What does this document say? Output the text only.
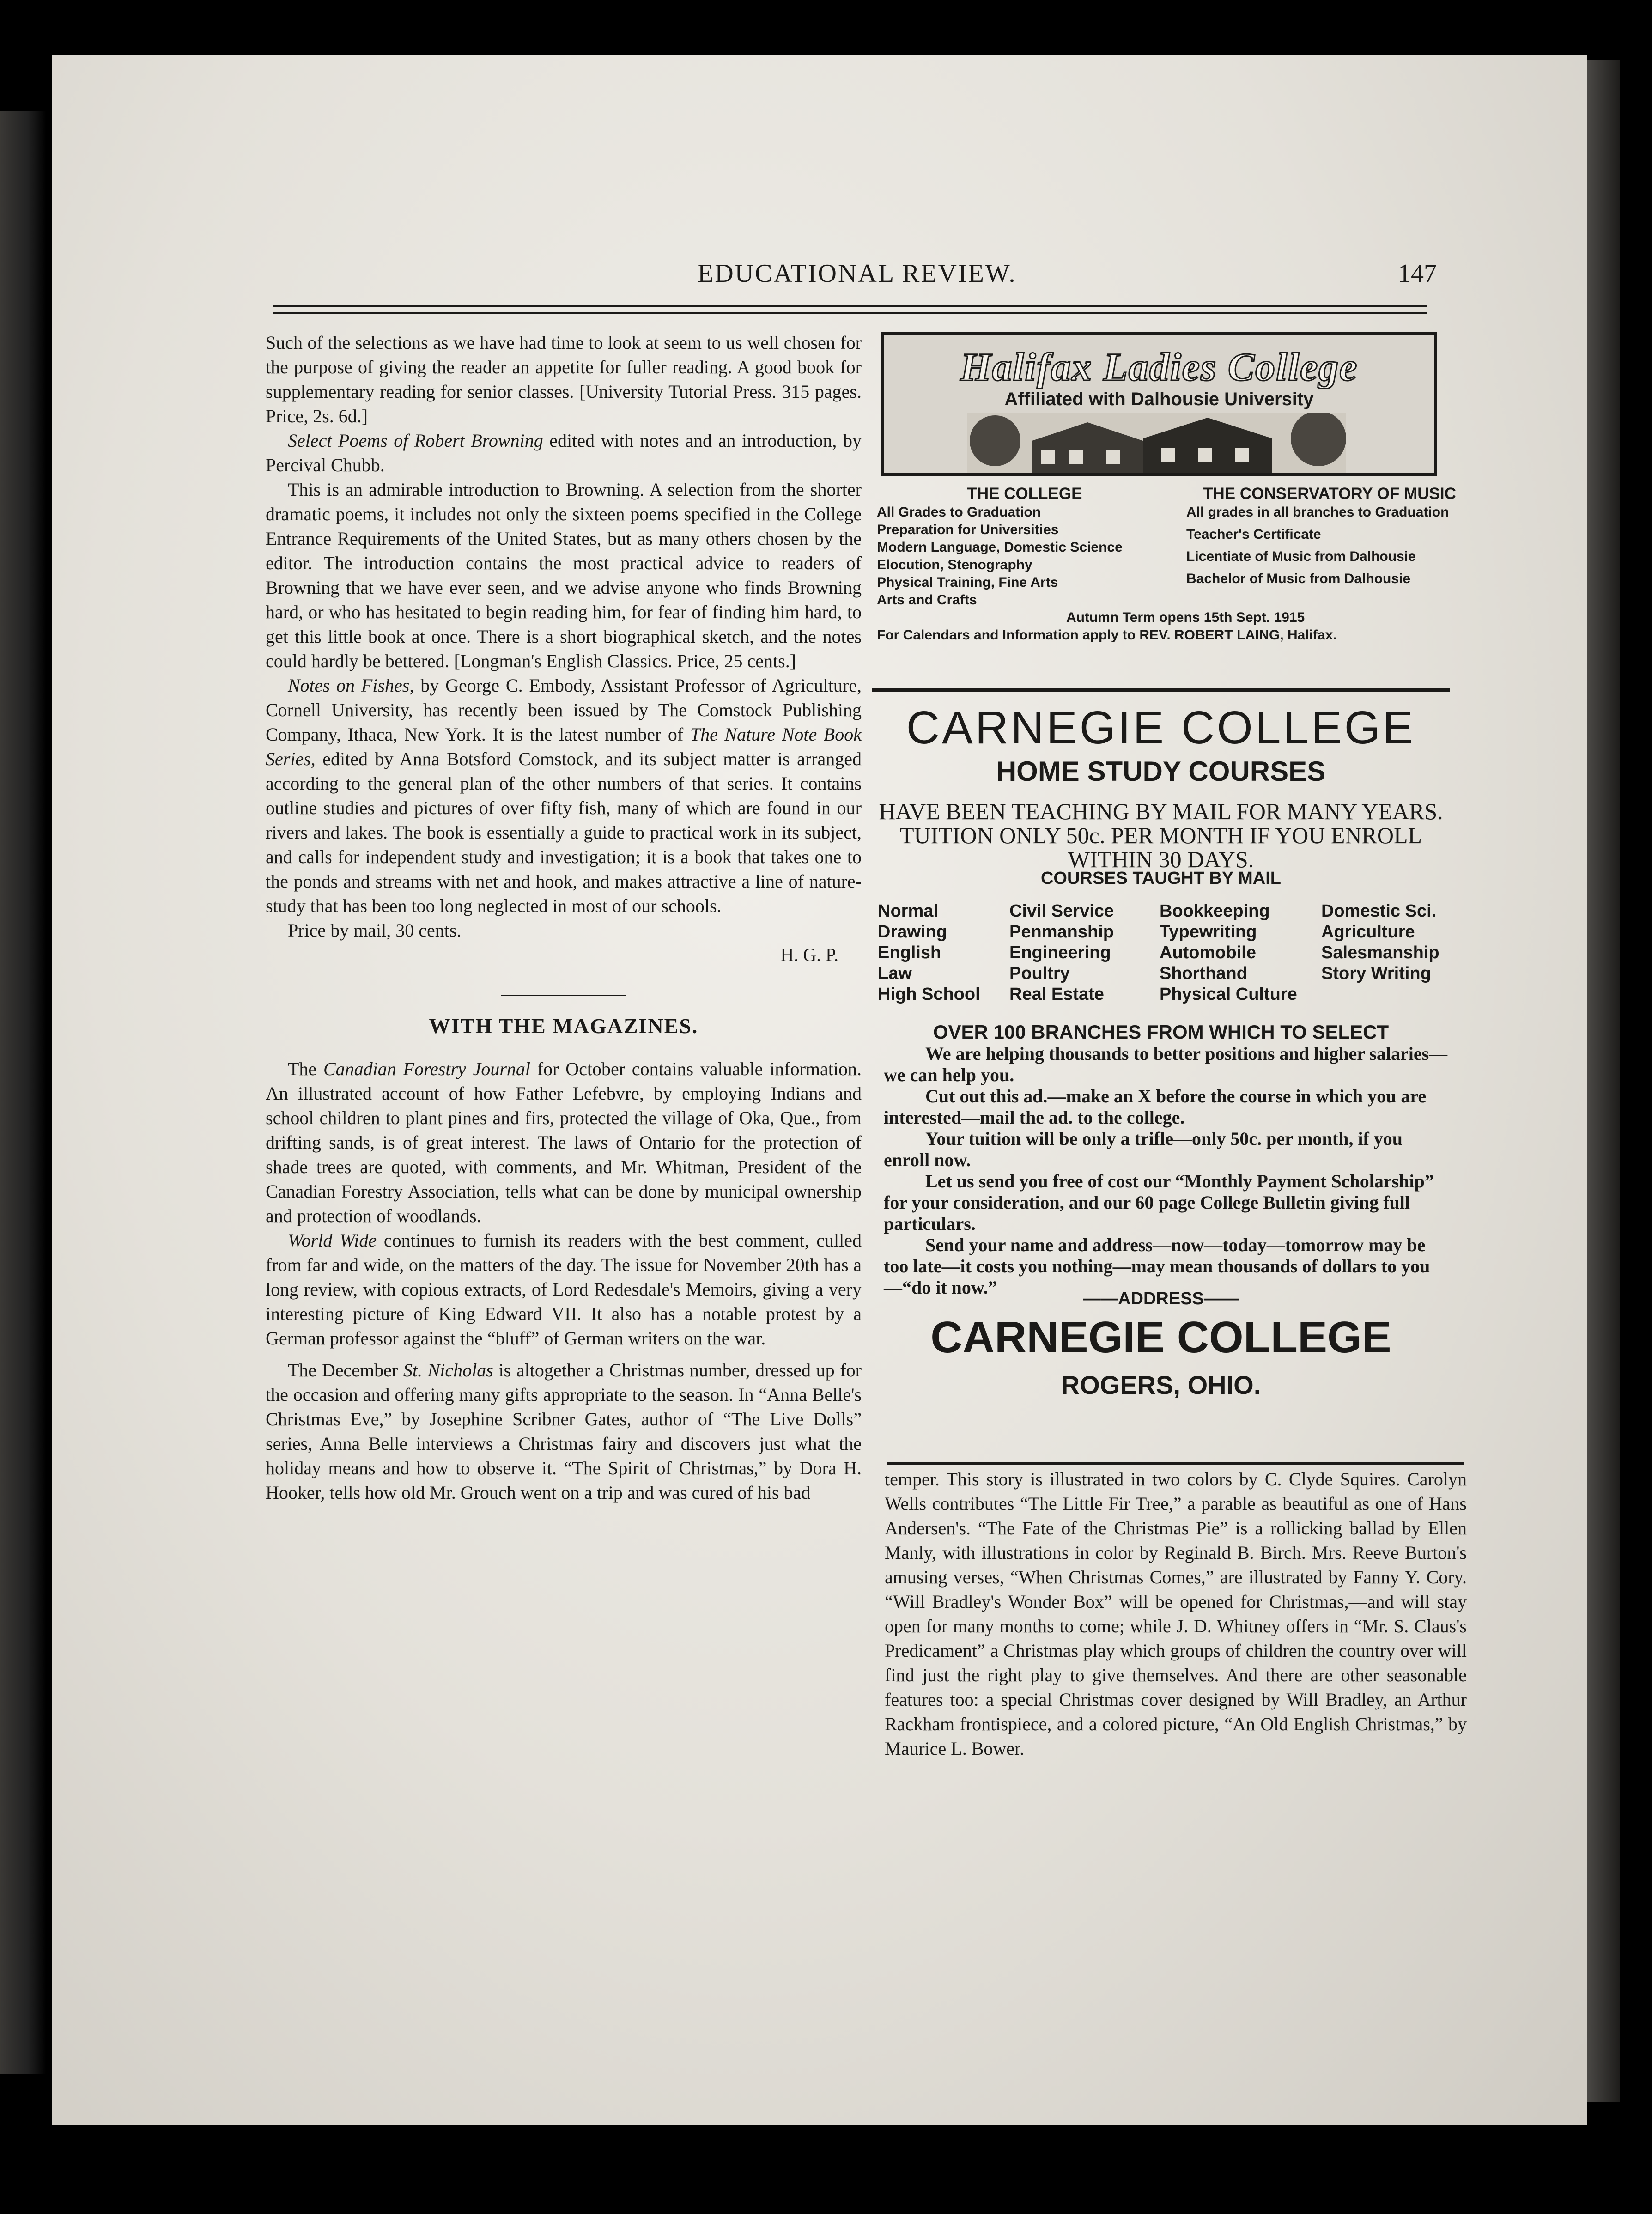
EDUCATIONAL REVIEW.	147

Such of the selections as we have had time to look at seem to us well chosen for the purpose of giving the reader an appetite for fuller reading. A good book for supplementary reading for senior classes. [University Tutorial Press. 315 pages. Price, 2s. 6d.]

Select Poems of Robert Browning edited with notes and an introduction, by Percival Chubb.

This is an admirable introduction to Browning. A selection from the shorter dramatic poems, it includes not only the sixteen poems specified in the College Entrance Requirements of the United States, but as many others chosen by the editor. The introduction contains the most practical advice to readers of Browning that we have ever seen, and we advise anyone who finds Browning hard, or who has hesitated to begin reading him, for fear of finding him hard, to get this little book at once. There is a short biographical sketch, and the notes could hardly be bettered. [Longman's English Classics. Price, 25 cents.]

Notes on Fishes, by George C. Embody, Assistant Professor of Agriculture, Cornell University, has recently been issued by The Comstock Publishing Company, Ithaca, New York. It is the latest number of The Nature Note Book Series, edited by Anna Botsford Comstock, and its subject matter is arranged according to the general plan of the other numbers of that series. It contains outline studies and pictures of over fifty fish, many of which are found in our rivers and lakes. The book is essentially a guide to practical work in its subject, and calls for independent study and investigation; it is a book that takes one to the ponds and streams with net and hook, and makes attractive a line of nature-study that has been too long neglected in most of our schools.

Price by mail, 30 cents.

H. G. P.

WITH THE MAGAZINES.

The Canadian Forestry Journal for October contains valuable information. An illustrated account of how Father Lefebvre, by employing Indians and school children to plant pines and firs, protected the village of Oka, Que., from drifting sands, is of great interest. The laws of Ontario for the protection of shade trees are quoted, with comments, and Mr. Whitman, President of the Canadian Forestry Association, tells what can be done by municipal ownership and protection of woodlands.

World Wide continues to furnish its readers with the best comment, culled from far and wide, on the matters of the day. The issue for November 20th has a long review, with copious extracts, of Lord Redesdale's Memoirs, giving a very interesting picture of King Edward VII. It also has a notable protest by a German professor against the “bluff” of German writers on the war.

The December St. Nicholas is altogether a Christmas number, dressed up for the occasion and offering many gifts appropriate to the season. In “Anna Belle's Christmas Eve,” by Josephine Scribner Gates, author of “The Live Dolls” series, Anna Belle interviews a Christmas fairy and discovers just what the holiday means and how to observe it. “The Spirit of Christmas,” by Dora H. Hooker, tells how old Mr. Grouch went on a trip and was cured of his bad

Halifax Ladies College
Affiliated with Dalhousie University
THE COLLEGE
All Grades to Graduation
Preparation for Universities
Modern Language, Domestic Science
Elocution, Stenography
Physical Training, Fine Arts
Arts and Crafts
THE CONSERVATORY OF MUSIC
All grades in all branches to Graduation
Teacher's Certificate
Licentiate of Music from Dalhousie
Bachelor of Music from Dalhousie
Autumn Term opens 15th Sept. 1915
For Calendars and Information apply to REV. ROBERT LAING, Halifax.
CARNEGIE COLLEGE
HOME STUDY COURSES
HAVE BEEN TEACHING BY MAIL FOR MANY YEARS. TUITION ONLY 50c. PER MONTH IF YOU ENROLL WITHIN 30 DAYS.
COURSES TAUGHT BY MAIL
Normal
Drawing
English
Law
High School
Civil Service
Penmanship
Engineering
Poultry
Real Estate
Bookkeeping
Typewriting
Automobile
Shorthand
Physical Culture
Domestic Sci.
Agriculture
Salesmanship
Story Writing
OVER 100 BRANCHES FROM WHICH TO SELECT

We are helping thousands to better positions and higher salaries—we can help you.

Cut out this ad.—make an X before the course in which you are interested—mail the ad. to the college.

Your tuition will be only a trifle—only 50c. per month, if you enroll now.

Let us send you free of cost our “Monthly Payment Scholarship” for your consideration, and our 60 page College Bulletin giving full particulars.

Send your name and address—now—today—tomorrow may be too late—it costs you nothing—may mean thousands of dollars to you—“do it now.”

——ADDRESS——
CARNEGIE COLLEGE
ROGERS, OHIO.

temper. This story is illustrated in two colors by C. Clyde Squires. Carolyn Wells contributes “The Little Fir Tree,” a parable as beautiful as one of Hans Andersen's. “The Fate of the Christmas Pie” is a rollicking ballad by Ellen Manly, with illustrations in color by Reginald B. Birch. Mrs. Reeve Burton's amusing verses, “When Christmas Comes,” are illustrated by Fanny Y. Cory. “Will Bradley's Wonder Box” will be opened for Christmas,—and will stay open for many months to come; while J. D. Whitney offers in “Mr. S. Claus's Predicament” a Christmas play which groups of children the country over will find just the right play to give themselves. And there are other seasonable features too: a special Christmas cover designed by Will Bradley, an Arthur Rackham frontispiece, and a colored picture, “An Old English Christmas,” by Maurice L. Bower.
